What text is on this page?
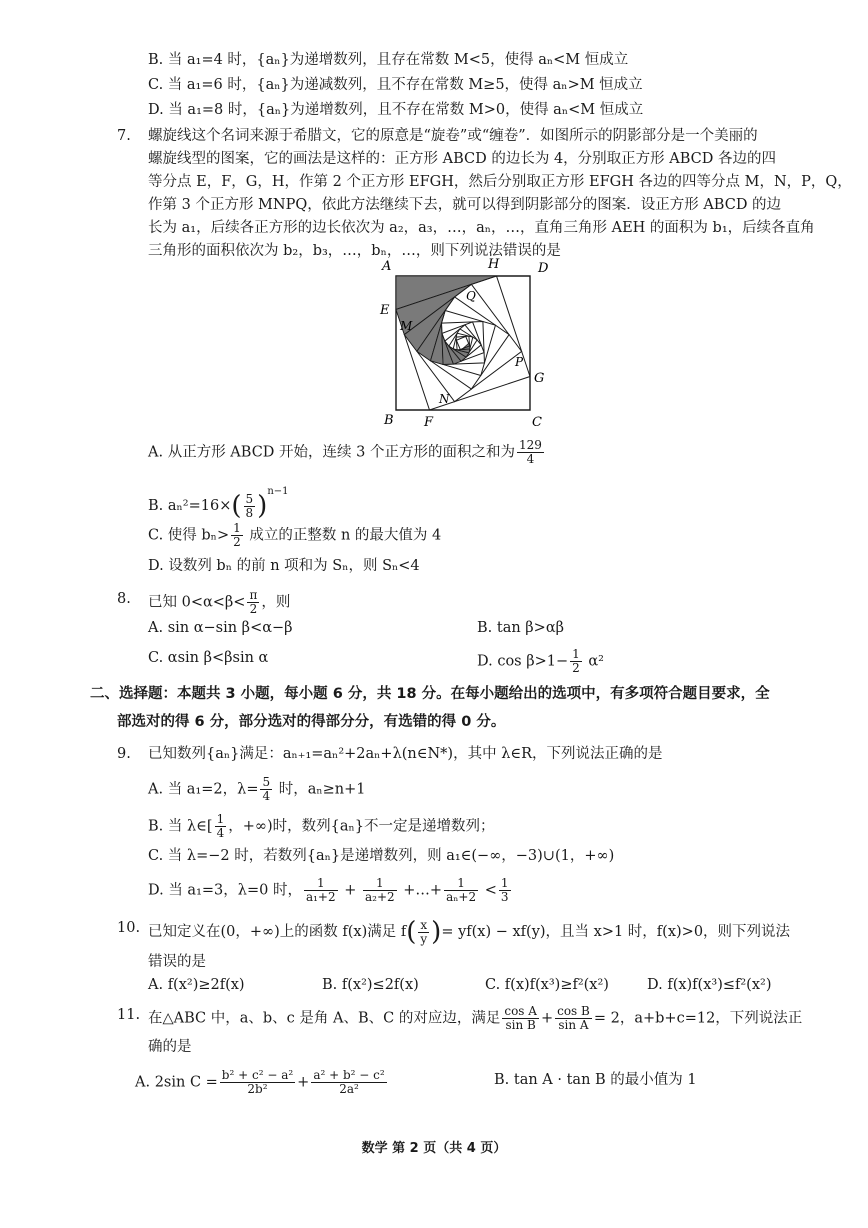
B. 当 a₁=4 时，{aₙ}为递增数列，且存在常数 M<5，使得 aₙ<M 恒成立
C. 当 a₁=6 时，{aₙ}为递减数列，且不存在常数 M≥5，使得 aₙ>M 恒成立
D. 当 a₁=8 时，{aₙ}为递增数列，且不存在常数 M>0，使得 aₙ<M 恒成立
7. 螺旋线这个名词来源于希腊文，它的原意是“旋卷”或“缠卷”．如图所示的阴影部分是一个美丽的
螺旋线型的图案，它的画法是这样的：正方形 ABCD 的边长为 4，分别取正方形 ABCD 各边的四
等分点 E，F，G，H，作第 2 个正方形 EFGH，然后分别取正方形 EFGH 各边的四等分点 M，N，P，Q，
作第 3 个正方形 MNPQ，依此方法继续下去，就可以得到阴影部分的图案．设正方形 ABCD 的边
长为 a₁，后续各正方形的边长依次为 a₂，a₃，…，aₙ，…，直角三角形 AEH 的面积为 b₁，后续各直角
三角形的面积依次为 b₂，b₃，…，bₙ，…，则下列说法错误的是
A	D
H
E
B F	C
G
M
N
P
Q
A. 从正方形 ABCD 开始，连续 3 个正方形的面积之和为 $\frac{129}{4}$
B. $a_n^2=16\times( \frac{5}{8} )^{n-1}$
C. 使得 $b_n> \frac{1}{2}$ 成立的正整数 n 的最大值为 4
D. 设数列 bₙ 的前 n 项和为 Sₙ，则 Sₙ<4
8. 已知 $0<\alpha<\beta< \frac{\pi}{2}$ ，则
A. sin α−sin β<α−β	B. tan β>αβ
C. αsin β<βsin α	D. $\cos \beta>1- \frac{1}{2} \alpha^2$
二、选择题：本题共 3 小题，每小题 6 分，共 18 分。在每小题给出的选项中，有多项符合题目要求，全
部选对的得 6 分，部分选对的得部分分，有选错的得 0 分。
9. 已知数列{aₙ}满足：aₙ₊₁=aₙ²+2aₙ+λ(n∈N*)，其中 λ∈R，下列说法正确的是
A. 当 a₁=2，$\lambda= \frac{5}{4}$ 时，aₙ≥n+1
B. 当 λ∈[ $\frac{1}{4}$ ，+∞)时，数列{aₙ}不一定是递增数列；
C. 当 λ=−2 时，若数列{aₙ}是递增数列，则 a₁∈(−∞，−3)∪(1，+∞)
D. 当 a₁=3，λ=0 时， $\frac{1}{\text{a₁+2}} + \frac{1}{\text{a₂+2}}$ +…+ $\frac{1}{\text{aₙ+2}} < \frac{1}{3}$
10. 已知定义在(0，+∞)上的函数 f(x)满足 $f( \frac{x}{y}$ )= yf(x) − xf(y)，且当 x>1 时，f(x)>0，则下列说法
错误的是
A. f(x²)≥2f(x)	B. f(x²)≤2f(x)	C. f(x)f(x³)≥f²(x²)	D. f(x)f(x³)≤f²(x²)
11. 在△ABC 中，a、b、c 是角 A、B、C 的对应边，满足 $\frac{\text{cos A}}{\text{sin B}} + \frac{\text{cos B}}{\text{sin A}} = 2$，a+b+c=12，下列说法正
确的是
A. 2sin $C = \frac{\text{b² + c² − a²}}{\text{2b²}} + \frac{\text{a² + b² − c²}}{\text{2a²}}$	B. tan A · tan B 的最小值为 1
数学 第 2 页（共 4 页）
